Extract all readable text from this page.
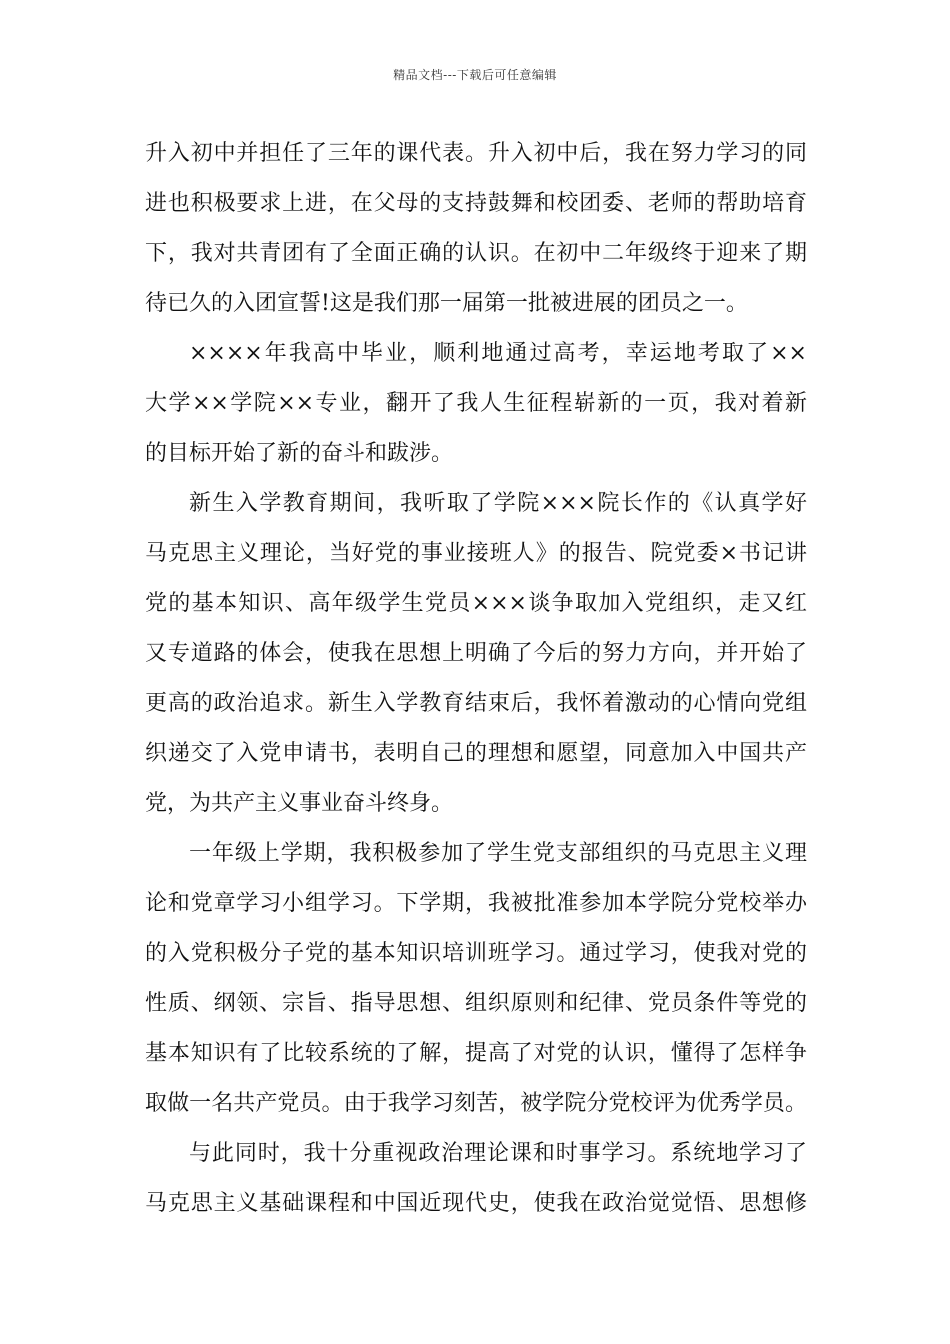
精品文档---下载后可任意编辑
升入初中并担任了三年的课代表。升入初中后，我在努力学习的同
进也积极要求上进，在父母的支持鼓舞和校团委、老师的帮助培育
下，我对共青团有了全面正确的认识。在初中二年级终于迎来了期
待已久的入团宣誓!这是我们那一届第一批被进展的团员之一。
××××年我高中毕业，顺利地通过高考，幸运地考取了××
大学××学院××专业，翻开了我人生征程崭新的一页，我对着新
的目标开始了新的奋斗和跋涉。
新生入学教育期间，我听取了学院×××院长作的《认真学好
马克思主义理论，当好党的事业接班人》的报告、院党委×书记讲
党的基本知识、高年级学生党员×××谈争取加入党组织，走又红
又专道路的体会，使我在思想上明确了今后的努力方向，并开始了
更高的政治追求。新生入学教育结束后，我怀着激动的心情向党组
织递交了入党申请书，表明自己的理想和愿望，同意加入中国共产
党，为共产主义事业奋斗终身。
一年级上学期，我积极参加了学生党支部组织的马克思主义理
论和党章学习小组学习。下学期，我被批准参加本学院分党校举办
的入党积极分子党的基本知识培训班学习。通过学习，使我对党的
性质、纲领、宗旨、指导思想、组织原则和纪律、党员条件等党的
基本知识有了比较系统的了解，提高了对党的认识，懂得了怎样争
取做一名共产党员。由于我学习刻苦，被学院分党校评为优秀学员。
与此同时，我十分重视政治理论课和时事学习。系统地学习了
马克思主义基础课程和中国近现代史，使我在政治觉觉悟、思想修
